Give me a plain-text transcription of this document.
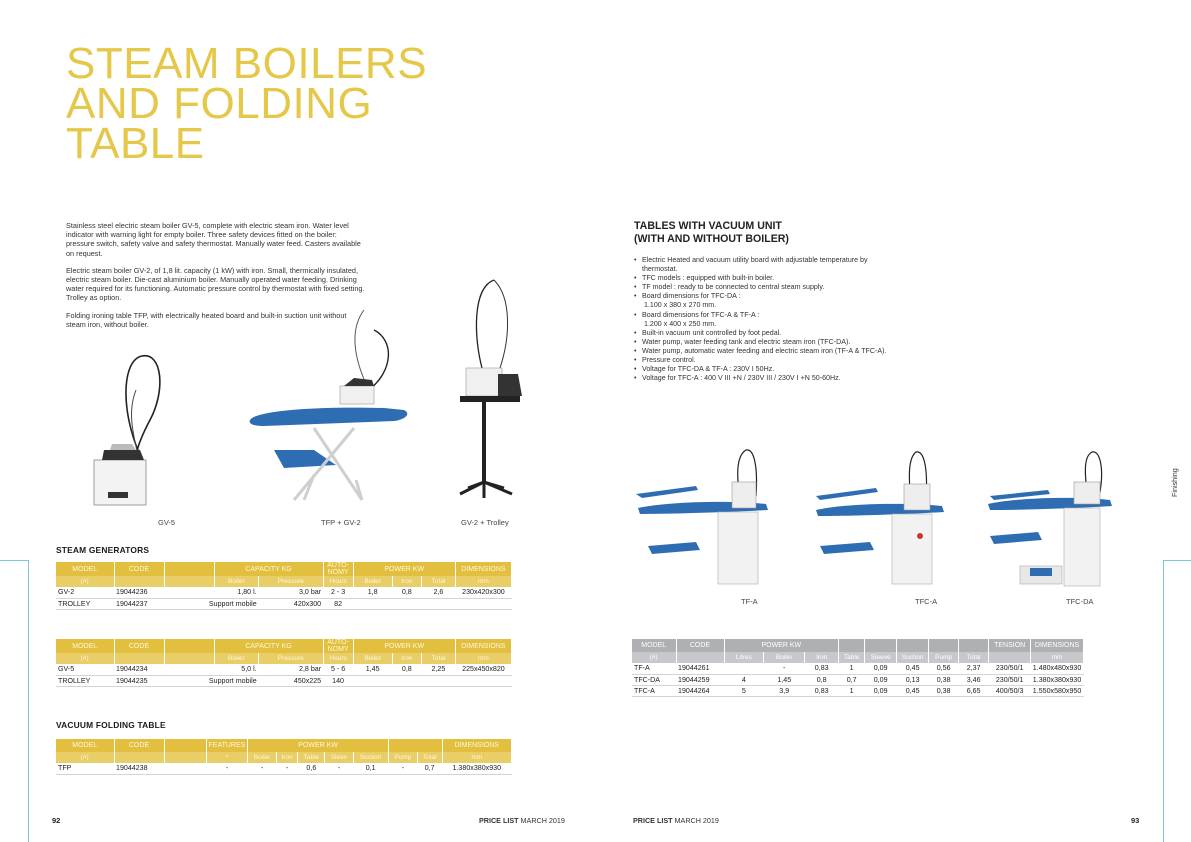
STEAM BOILERS
AND FOLDING
TABLE

Stainless steel electric steam boiler GV-5, complete with electric steam iron. Water level indicator with warning light for empty boiler. Three safety devices fitted on the boiler: pressure switch, safety valve and safety thermostat. Manually water feed. Casters available on request.

Electric steam boiler GV-2, of 1,8 lit. capacity (1 kW) with iron. Small, thermically insulated, electric steam boiler. Die-cast aluminium boiler. Manually operated water feeding. Drinking water required for its functioning. Automatic pressure control by thermostat with fixed setting. Trolley as option.

Folding ironing table TFP, with electrically heated board and built-in suction unit without steam iron, without boiler.

GV-5	TFP + GV-2	GV-2 + Trolley
STEAM GENERATORS
MODEL	CODE		CAPACITY KG		AUTO-NOMY	POWER KW			DIMENSIONS
(#)			Boiler	Pressure	Hours	Boiler	Iron	Total	mm
GV-2	19044236	1,80 l.		3,0 bar	2 - 3	1,8	0,8	2,6	230x420x300
TROLLEY	19044237	Support mobile		420x300	82				
MODEL	CODE		CAPACITY KG		AUTO-NOMY	POWER KW			DIMENSIONS
(#)			Boiler	Pressure	Hours	Boiler	Iron	Total	mm
GV-5	19044234	5,0 l.		2,8 bar	5 - 6	1,45	0,8	2,25	225x450x820
TROLLEY	19044235	Support mobile		450x225	140				
VACUUM FOLDING TABLE
MODEL	CODE		FEATURES	POWER KW							DIMENSIONS
(#)			*	Boiler	Iron	Table	Sleev	Suction	Pump	Total	mm
TFP	19044238		-	-	-	0,6	-	0,1	-	0,7	1.380x380x930
TABLES WITH VACUUM UNIT
(WITH AND WITHOUT BOILER)
• Electric Heated and vacuum utility board with adjustable temperature by thermostat.
• TFC models : equipped with built-in boiler.
• TF model : ready to be connected to central steam supply.
• Board dimensions for TFC-DA :
1.100 x 380 x 270 mm.
• Board dimensions for TFC-A & TF-A :
1.200 x 400 x 250 mm.
• Built-in vacuum unit controlled by foot pedal.
• Water pump, water feeding tank and electric steam iron (TFC-DA).
• Water pump, automatic water feeding and electric steam iron (TF-A & TFC-A).
• Pressure control.
• Voltage for TFC-DA & TF-A : 230V I 50Hz.
• Voltage for TFC-A : 400 V III +N / 230V III / 230V I +N 50-60Hz.
TF-A	TFC-A	TFC-DA
MODEL	CODE	POWER KW								TENSION	DIMENSIONS
(#)		Litres	Boiler	Iron	Table	Sleeve	Suction	Pump	Total		mm
TF-A	19044261		-	0,83	1	0,09	0,45	0,56	2,37	230/50/1	1.480x480x930
TFC-DA	19044259	4	1,45	0,8	0,7	0,09	0,13	0,38	3,46	230/50/1	1.380x380x930
TFC-A	19044264	5	3,9	0,83	1	0,09	0,45	0,38	6,65	400/50/3	1.550x580x950
Finishing
92	PRICE LIST MARCH 2019	PRICE LIST MARCH 2019	93
